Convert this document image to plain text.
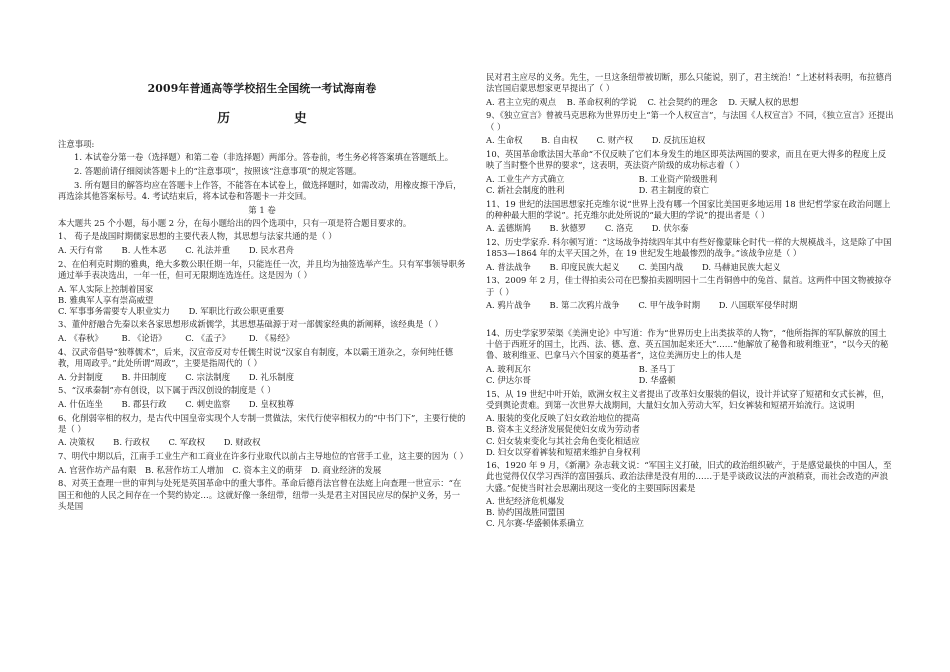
2009年普通高等学校招生全国统一考试海南卷
历 史
注意事项:
1. 本试卷分第一卷（选择题）和第二卷（非选择题）两部分。答卷前，考生务必将答案填在答题纸上。
2. 答题前请仔细阅读答题卡上的“注意事项”，按照该“注意事项”的规定答题。
3. 所有题目的解答均应在答题卡上作答，不能答在本试卷上，做选择题时，如需改动，用橡皮擦干净后，再选涂其他答案标号。4. 考试结束后，将本试卷和答题卡一并交回。
第 1 卷
本大题共 25 个小题，每小题 2 分，在每小题给出的四个选项中，只有一项是符合题目要求的。
1、 荀子是战国时期儒家思想的主要代表人物，其思想与法家共通的是（ ）
A. 天行有常 B. 人性本恶 C. 礼法并重 D. 民水君舟
2、在伯利克时期的雅典，绝大多数公职任期一年，只能连任一次，并且均为抽签选举产生。只有军事领导职务通过举手表决选出，一年一任，但可无限期连选连任。这是因为（ ）
A. 军人实际上控制着国家
B. 雅典军人享有崇高威望
C. 军事事务需要专人职业实力 D. 军职比行政公职更重要
3、董仲舒融合先秦以来各家思想形成新儒学，其思想基础源于对一部儒家经典的新阐释，该经典是（ ）
A. 《春秋》 B. 《论语》 C. 《孟子》 D. 《易经》
4、汉武帝倡导“独尊儒术”，后来，汉宣帝反对专任儒生时说“汉家自有制度，本以霸王道杂之，奈何纯任德教，用周政乎。”此处所谓“周政”，主要是指周代的（ ）
A. 分封制度 B. 井田制度 C. 宗法制度 D. 礼乐制度
5、“汉承秦制”亦有创设，以下属于西汉创设的制度是（ ）
A. 什伍连坐 B. 郡县行政 C. 刺史监察 D. 皇权独尊
6、化削弱宰相的权力，是古代中国皇帝实现个人专制一贯做法，宋代行使宰相权力的“中书门下”，主要行使的是（ ）
A. 决策权 B. 行政权 C. 军政权 D. 财政权
7、明代中期以后，江南手工业生产和工商业在许多行业取代以前占主导地位的官营手工业，这主要的因为（ ）
A. 官营作坊产品有限 B. 私营作坊工人增加 C. 资本主义的萌芽 D. 商业经济的发展
8、对英王查理一世的审判与处死是英国革命中的重大事件。革命后德肖法官曾在法庭上向查理一世宣示：“在国王和他的人民之间存在一个契约协定…。这就好像一条纽带，纽带一头是君主对国民应尽的保护义务，另一头是国
民对君主应尽的义务。先生，一旦这条纽带被切断，那么只能说，别了，君主统治！”上述材料表明，布拉德肖法官国启蒙思想家更早提出了（ ）
A. 君主立宪的观点 B. 革命权利的学说 C. 社会契约的理念 D. 天赋人权的思想
9、《独立宣言》曾被马克思称为世界历史上“第一个人权宣言”，与法国《人权宣言》不同，《独立宣言》还提出（ ）
A. 生命权 B. 自由权 C. 财产权 D. 反抗压迫权
10、英国革命歌法国大革命“不仅反映了它们本身发生的地区即英法两国的要求，而且在更大得多的程度上反映了当时整个世界的要求”，这表明，英法资产阶级的成功标志着（ ）
A. 工业生产方式确立	B. 工业资产阶级胜利
C. 新社会制度的胜利	D. 君主制度的衰亡
11、19 世纪的法国思想家托克维尔说“世界上没有哪一个国家比美国更多地运用 18 世纪哲学家在政治问题上的种种最大胆的学说”。托克维尔此处所说的“最大胆的学说”的提出者是（ ）
A. 孟德斯鸠 B. 狄德罗 C. 洛克 D. 伏尔泰
12、历史学家乔. 科尔顿写道：“这场战争持续四年其中有些好像蒙昧仑时代一样的大规模战斗，这是除了中国 1853—1864 年的太平天国之外，在 19 世纪发生地最惨烈的战争。”该战争应是（ ）
A. 普法战争 B. 印度民族大起义 C. 美国内战 D. 马赫迪民族大起义
13、2009 年 2 月，佳士得拍卖公司在巴黎拍卖圆明园十二生肖铜兽中的兔首、鼠首。这两件中国文物被掠夺于（ ）
A. 鸦片战争 B. 第二次鸦片战争 C. 甲午战争时期 D. 八国联军侵华时期
14、历史学家罗荣渠《美洲史论》中写道：作为“世界历史上出类拔萃的人物”，“他所指挥的军队解放的国土十倍于西班牙的国土，比西、法、德、意、英五国加起来还大”……“他解放了秘鲁和玻利维亚”，“以今天的秘鲁、玻利维亚、巴拿马六个国家的奠基者”，这位美洲历史上的伟人是
A. 玻利瓦尔	B. 圣马丁
C. 伊达尔哥	D. 华盛顿
15、从 19 世纪中叶开始，欧洲女权主义者提出了改革妇女服装的倡议，设计并试穿了短裙和女式长裤，但，受到舆论责难。到第一次世界大战期间，大量妇女加入劳动大军，妇女裤装和短裙开始流行。这说明
A. 服装的变化反映了妇女政治地位的提高
B. 资本主义经济发展促使妇女成为劳动者
C. 妇女装束变化与其社会角色变化相适应
D. 妇女以穿着裤装和短裙来维护自身权利
16、1920 年 9 月，《新潮》杂志载文说：“军国主义打破，旧式的政治组织破产，于是感觉最快的中国人，至此也觉得仅仅学习西洋的富国强兵、政治法律是没有用的……于是乎谈政议法的声浪稍衰，而社会改造的声浪大盛。”促使当时社会思潮出现这一变化的主要国际因素是
A. 世纪经济危机爆发
B. 协约国战胜同盟国
C. 凡尔赛-华盛顿体系确立
